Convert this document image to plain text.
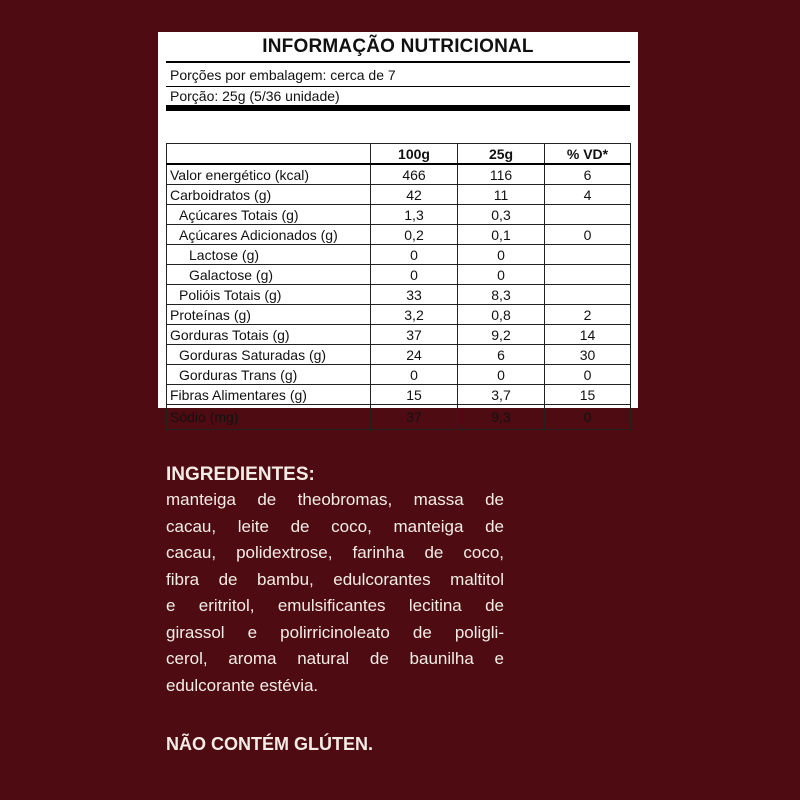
INFORMAÇÃO NUTRICIONAL
Porções por embalagem: cerca de 7
Porção: 25g (5/36 unidade)
	100g	25g	% VD*
Valor energético (kcal)	466	116	6
Carboidratos (g)	42	11	4
Açúcares Totais (g)	1,3	0,3	
Açúcares Adicionados (g)	0,2	0,1	0
Lactose (g)	0	0	
Galactose (g)	0	0	
Polióis Totais (g)	33	8,3	
Proteínas (g)	3,2	0,8	2
Gorduras Totais (g)	37	9,2	14
Gorduras Saturadas (g)	24	6	30
Gorduras Trans (g)	0	0	0
Fibras Alimentares (g)	15	3,7	15
Sódio (mg)	37	9,3	0
INGREDIENTES:
manteiga de theobromas, massa de
cacau, leite de coco, manteiga de
cacau, polidextrose, farinha de coco,
fibra de bambu, edulcorantes maltitol
e eritritol, emulsificantes lecitina de
girassol e polirricinoleato de poligli-
cerol, aroma natural de baunilha e
edulcorante estévia.
NÃO CONTÉM GLÚTEN.
